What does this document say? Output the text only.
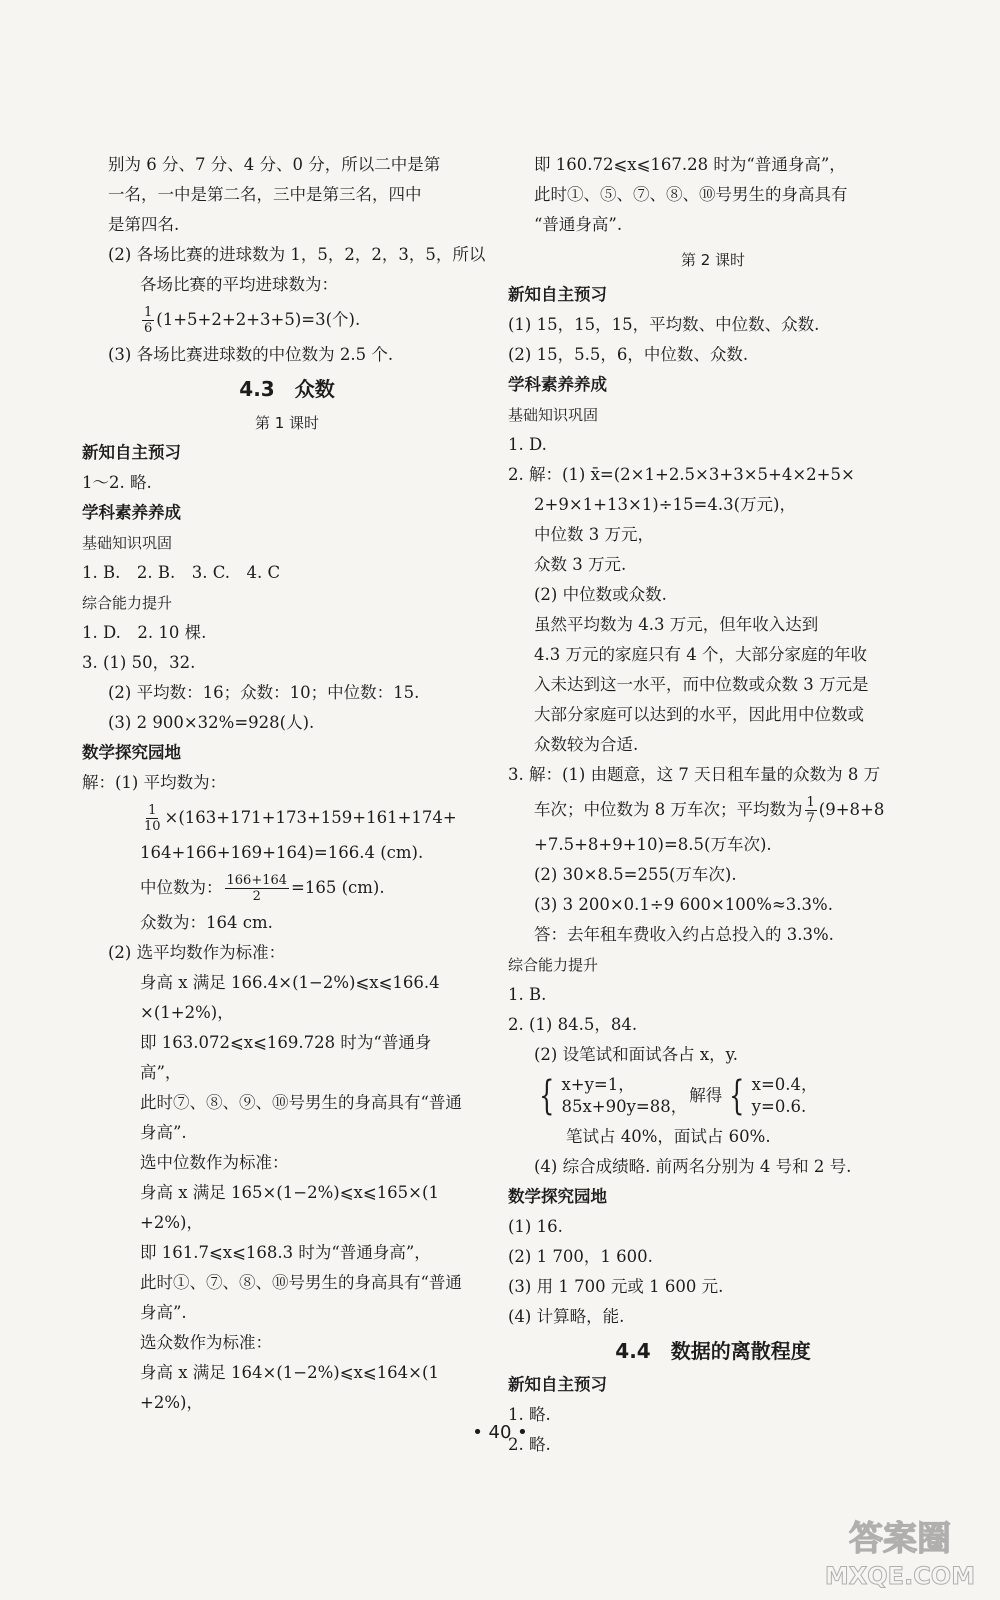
别为 6 分、7 分、4 分、0 分，所以二中是第
一名，一中是第二名，三中是第三名，四中
是第四名.
(2) 各场比赛的进球数为 1，5，2，2，3，5，所以
各场比赛的平均进球数为：
$\frac{1}{6} (1+5+2+2+3+5)=3$(个).
(3) 各场比赛进球数的中位数为 2.5 个.
4.3　众数
第 1 课时
新知自主预习
1～2. 略.
学科素养养成
基础知识巩固
1. B.　2. B.　3. C.　4. C
综合能力提升
1. D.　2. 10 棵.
3. (1) 50，32.
(2) 平均数：16；众数：10；中位数：15.
(3) 2 900×32%=928(人).
数学探究园地
解：(1) 平均数为：
$\frac{1}{10} \times(163+171+173+159+161+174+$
164+166+169+164)=166.4 (cm).
中位数为： $\frac{166+164}{2} =165$ (cm).
众数为：164 cm.
(2) 选平均数作为标准：
身高 x 满足 166.4×(1−2%)⩽x⩽166.4
×(1+2%)，
即 163.072⩽x⩽169.728 时为“普通身
高”，
此时⑦、⑧、⑨、⑩号男生的身高具有“普通
身高”.
选中位数作为标准：
身高 x 满足 165×(1−2%)⩽x⩽165×(1
+2%)，
即 161.7⩽x⩽168.3 时为“普通身高”，
此时①、⑦、⑧、⑩号男生的身高具有“普通
身高”.
选众数作为标准：
身高 x 满足 164×(1−2%)⩽x⩽164×(1
+2%)，
即 160.72⩽x⩽167.28 时为“普通身高”，
此时①、⑤、⑦、⑧、⑩号男生的身高具有
“普通身高”.
第 2 课时
新知自主预习
(1) 15，15，15，平均数、中位数、众数.
(2) 15，5.5，6，中位数、众数.
学科素养养成
基础知识巩固
1. D.
2. 解：(1) x̄=(2×1+2.5×3+3×5+4×2+5×
2+9×1+13×1)÷15=4.3(万元)，
中位数 3 万元，
众数 3 万元.
(2) 中位数或众数.
虽然平均数为 4.3 万元，但年收入达到
4.3 万元的家庭只有 4 个，大部分家庭的年收
入未达到这一水平，而中位数或众数 3 万元是
大部分家庭可以达到的水平，因此用中位数或
众数较为合适.
3. 解：(1) 由题意，这 7 天日租车量的众数为 8 万
车次；中位数为 8 万车次；平均数为 $\frac{1}{7} (9+8+8$
+7.5+8+9+10)=8.5(万车次).
(2) 30×8.5=255(万车次).
(3) 3 200×0.1÷9 600×100%≈3.3%.
答：去年租车费收入约占总投入的 3.3%.
综合能力提升
1. B.
2. (1) 84.5，84.
(2) 设笔试和面试各占 x，y.
{ x+y=1，
85x+90y=88，
解得 { x=0.4，
y=0.6.
笔试占 40%，面试占 60%.
(4) 综合成绩略. 前两名分别为 4 号和 2 号.
数学探究园地
(1) 16.
(2) 1 700，1 600.
(3) 用 1 700 元或 1 600 元.
(4) 计算略，能.
4.4　数据的离散程度
新知自主预习
1. 略.
2. 略.
• 40 •
答案圈
MXQE.COM
